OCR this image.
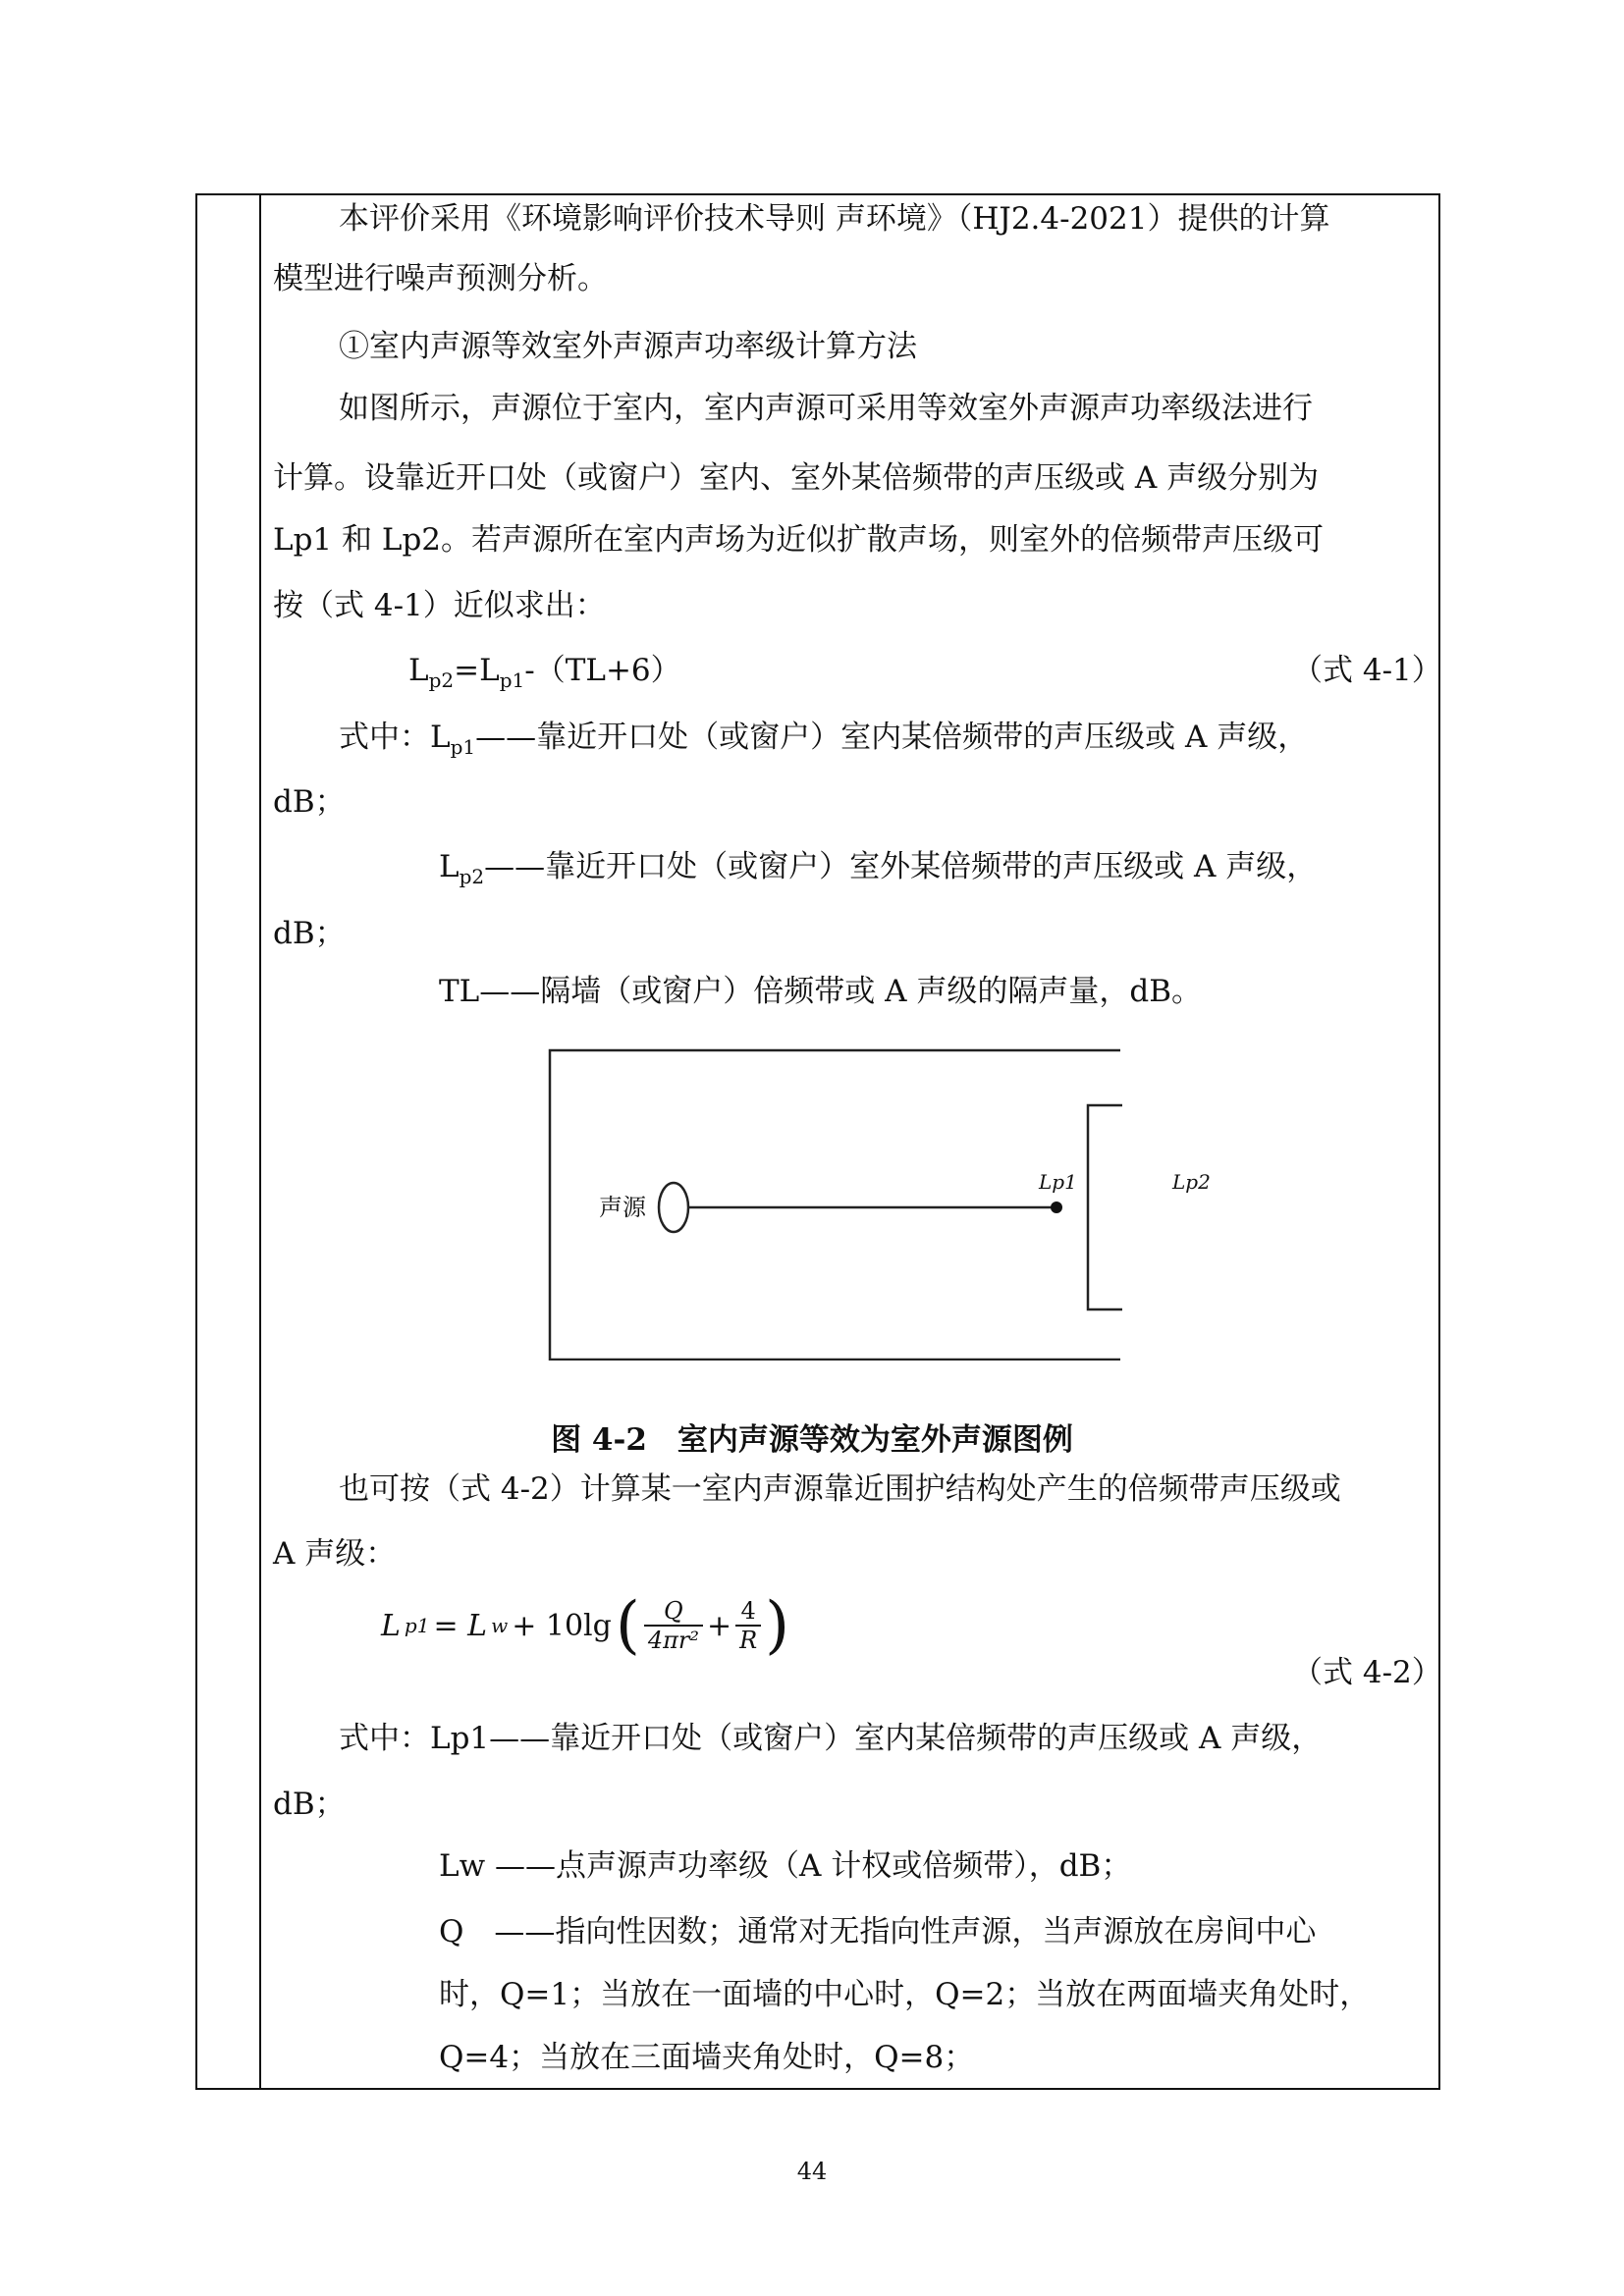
本评价采用《环境影响评价技术导则 声环境》（HJ2.4-2021）提供的计算
模型进行噪声预测分析。
①室内声源等效室外声源声功率级计算方法
如图所示，声源位于室内，室内声源可采用等效室外声源声功率级法进行
计算。设靠近开口处（或窗户）室内、室外某倍频带的声压级或 A 声级分别为
Lp1 和 Lp2。若声源所在室内声场为近似扩散声场，则室外的倍频带声压级可
按（式 4-1）近似求出：
$L_{p2}=L_{p1}-(TL+6)$	（式 4-1）
式中：$L_{p1}——$靠近开口处（或窗户）室内某倍频带的声压级或 A 声级，
dB；
$L_{p2}——$靠近开口处（或窗户）室外某倍频带的声压级或 A 声级，
dB；
TL——隔墙（或窗户）倍频带或 A 声级的隔声量，dB。
声源
Lp1	Lp2
图 4-2　室内声源等效为室外声源图例
也可按（式 4-2）计算某一室内声源靠近围护结构处产生的倍频带声压级或
A 声级：
L p1 = L w + 10lg ( Q
$4\pi r^2 + \frac{4}{R}$ )
（式 4-2）
式中：Lp1——靠近开口处（或窗户）室内某倍频带的声压级或 A 声级，
dB；
Lw ——点声源声功率级（A 计权或倍频带），dB；
Q　——指向性因数；通常对无指向性声源，当声源放在房间中心
时，Q=1；当放在一面墙的中心时，Q=2；当放在两面墙夹角处时，
Q=4；当放在三面墙夹角处时，Q=8；
44
